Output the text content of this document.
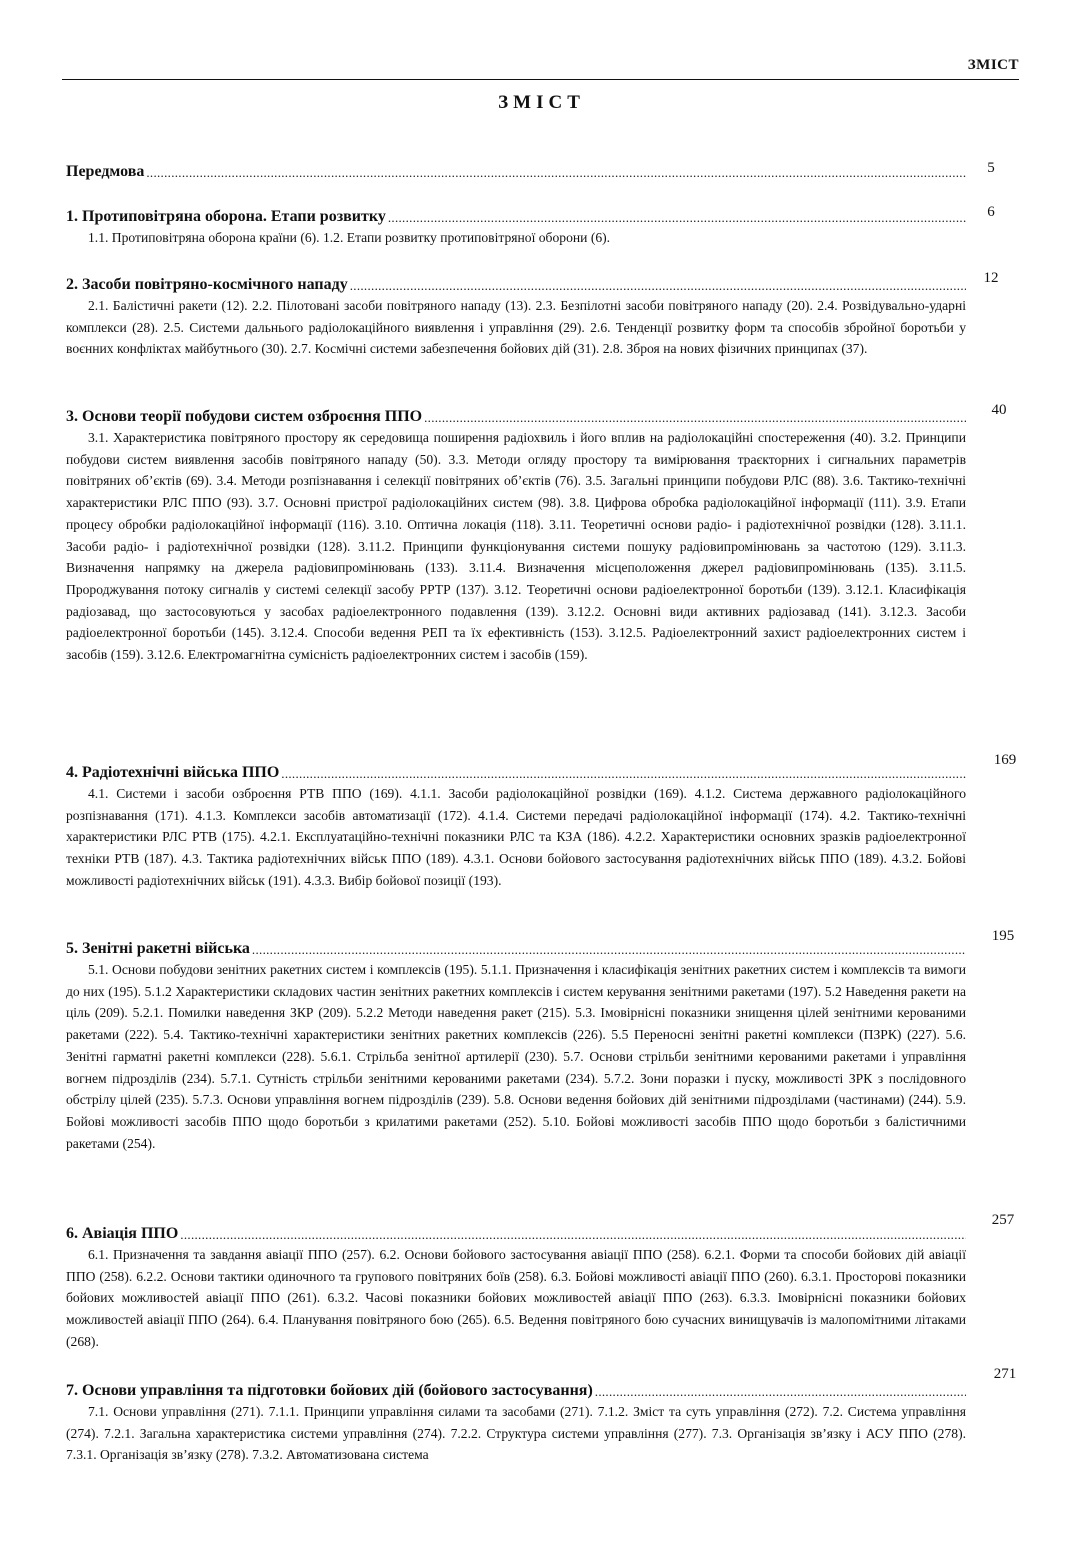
ЗМІСТ
ЗМІСТ
Передмова
.....	5
1. Протиповітряна оборона. Етапи розвитку
.....

1.1. Протиповітряна оборона країни (6). 1.2. Етапи розвитку протиповітряної оборони (6).

6
2. Засоби повітряно-космічного нападу
.....

2.1. Балістичні ракети (12). 2.2. Пілотовані засоби повітряного нападу (13). 2.3. Безпілотні засоби повітряного нападу (20). 2.4. Розвідувально-ударні комплекси (28). 2.5. Системи дальнього радіолокаційного виявлення і управління (29). 2.6. Тенденції розвитку форм та способів збройної боротьби у воєнних конфліктах майбутнього (30). 2.7. Космічні системи забезпечення бойових дій (31). 2.8. Зброя на нових фізичних принципах (37).

12
3. Основи теорії побудови систем озброєння ППО
.....

3.1. Характеристика повітряного простору як середовища поширення радіохвиль і його вплив на радіолокаційні спостереження (40). 3.2. Принципи побудови систем виявлення засобів повітряного нападу (50). 3.3. Методи огляду простору та вимірювання траєкторних і сигнальних параметрів повітряних об’єктів (69). 3.4. Методи розпізнавання і селекції повітряних об’єктів (76). 3.5. Загальні принципи побудови РЛС (88). 3.6. Тактико-технічні характеристики РЛС ППО (93). 3.7. Основні пристрої радіолокаційних систем (98). 3.8. Цифрова обробка радіолокаційної інформації (111). 3.9. Етапи процесу обробки радіолокаційної інформації (116). 3.10. Оптична локація (118). 3.11. Теоретичні основи радіо- і радіотехнічної розвідки (128). 3.11.1. Засоби радіо- і радіотехнічної розвідки (128). 3.11.2. Принципи функціонування системи пошуку радіовипромінювань за частотою (129). 3.11.3. Визначення напрямку на джерела радіовипромінювань (133). 3.11.4. Визначення місцеположення джерел радіовипромінювань (135). 3.11.5. Пророджування потоку сигналів у системі селекції засобу РРТР (137). 3.12. Теоретичні основи радіоелектронної боротьби (139). 3.12.1. Класифікація радіозавад, що застосовуються у засобах радіоелектронного подавлення (139). 3.12.2. Основні види активних радіозавад (141). 3.12.3. Засоби радіоелектронної боротьби (145). 3.12.4. Способи ведення РЕП та їх ефективність (153). 3.12.5. Радіоелектронний захист радіоелектронних систем і засобів (159). 3.12.6. Електромагнітна сумісність радіоелектронних систем і засобів (159).

40
4. Радіотехнічні війська ППО
.....

4.1. Системи і засоби озброєння РТВ ППО (169). 4.1.1. Засоби радіолокаційної розвідки (169). 4.1.2. Система державного радіолокаційного розпізнавання (171). 4.1.3. Комплекси засобів автоматизації (172). 4.1.4. Системи передачі радіолокаційної інформації (174). 4.2. Тактико-технічні характеристики РЛС РТВ (175). 4.2.1. Експлуатаційно-технічні показники РЛС та КЗА (186). 4.2.2. Характеристики основних зразків радіоелектронної техніки РТВ (187). 4.3. Тактика радіотехнічних військ ППО (189). 4.3.1. Основи бойового застосування радіотехнічних військ ППО (189). 4.3.2. Бойові можливості радіотехнічних військ (191). 4.3.3. Вибір бойової позиції (193).

169
5. Зенітні ракетні війська
.....

5.1. Основи побудови зенітних ракетних систем і комплексів (195). 5.1.1. Призначення і класифікація зенітних ракетних систем і комплексів та вимоги до них (195). 5.1.2 Характеристики складових частин зенітних ракетних комплексів і систем керування зенітними ракетами (197). 5.2 Наведення ракети на ціль (209). 5.2.1. Помилки наведення ЗКР (209). 5.2.2 Методи наведення ракет (215). 5.3. Імовірнісні показники знищення цілей зенітними керованими ракетами (222). 5.4. Тактико-технічні характеристики зенітних ракетних комплексів (226). 5.5 Переносні зенітні ракетні комплекси (ПЗРК) (227). 5.6. Зенітні гарматні ракетні комплекси (228). 5.6.1. Стрільба зенітної артилерії (230). 5.7. Основи стрільби зенітними керованими ракетами і управління вогнем підрозділів (234). 5.7.1. Сутність стрільби зенітними керованими ракетами (234). 5.7.2. Зони поразки і пуску, можливості ЗРК з послідовного обстрілу цілей (235). 5.7.3. Основи управління вогнем підрозділів (239). 5.8. Основи ведення бойових дій зенітними підрозділами (частинами) (244). 5.9. Бойові можливості засобів ППО щодо боротьби з крилатими ракетами (252). 5.10. Бойові можливості засобів ППО щодо боротьби з балістичними ракетами (254).

195
6. Авіація ППО
.....

6.1. Призначення та завдання авіації ППО (257). 6.2. Основи бойового застосування авіації ППО (258). 6.2.1. Форми та способи бойових дій авіації ППО (258). 6.2.2. Основи тактики одиночного та групового повітряних боїв (258). 6.3. Бойові можливості авіації ППО (260). 6.3.1. Просторові показники бойових можливостей авіації ППО (261). 6.3.2. Часові показники бойових можливостей авіації ППО (263). 6.3.3. Імовірнісні показники бойових можливостей авіації ППО (264). 6.4. Планування повітряного бою (265). 6.5. Ведення повітряного бою сучасних винищувачів із малопомітними літаками (268).

257
7. Основи управління та підготовки бойових дій (бойового застосування)
.....

7.1. Основи управління (271). 7.1.1. Принципи управління силами та засобами (271). 7.1.2. Зміст та суть управління (272). 7.2. Система управління (274). 7.2.1. Загальна характеристика системи управління (274). 7.2.2. Структура системи управління (277). 7.3. Організація зв’язку і АСУ ППО (278). 7.3.1. Організація зв’язку (278). 7.3.2. Автоматизована система

271
